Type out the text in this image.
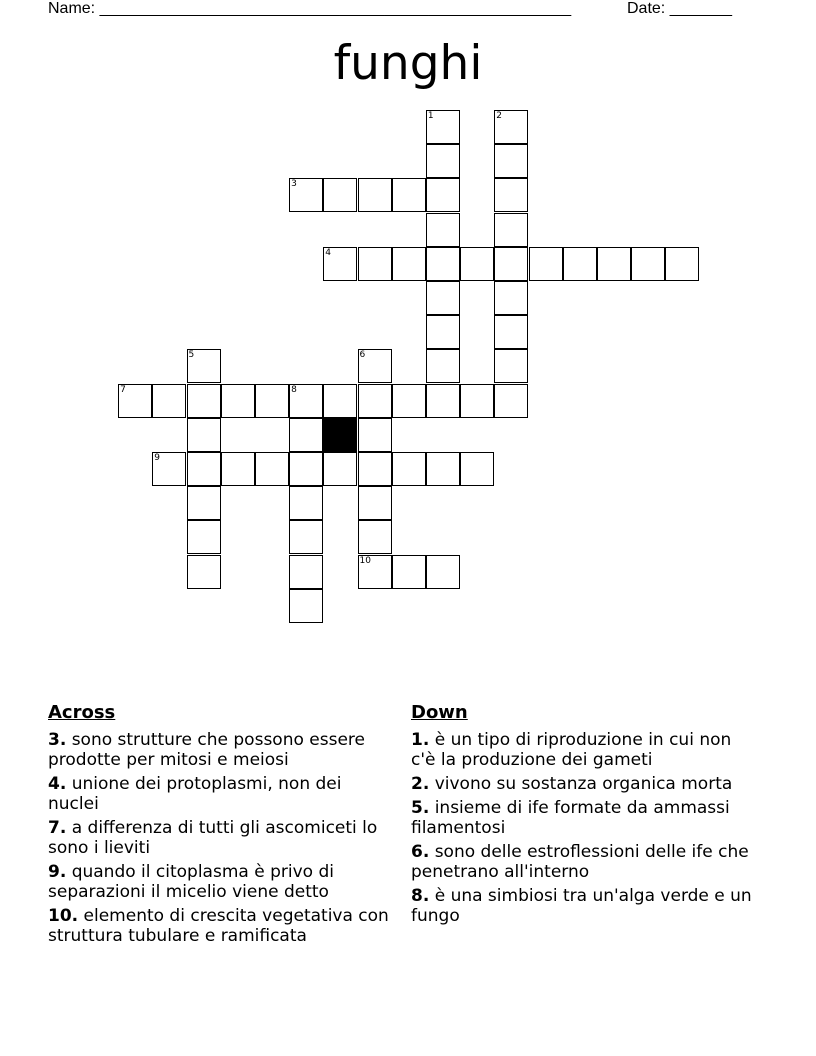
Name: _____________________________________________________	Date: _______
funghi
1	2
3
4
5	6
7	8
9
10
Across
3. sono strutture che possono essere prodotte per mitosi e meiosi
4. unione dei protoplasmi, non dei nuclei
7. a differenza di tutti gli ascomiceti lo sono i lieviti
9. quando il citoplasma è privo di separazioni il micelio viene detto
10. elemento di crescita vegetativa con struttura tubulare e ramificata
Down
1. è un tipo di riproduzione in cui non c'è la produzione dei gameti
2. vivono su sostanza organica morta
5. insieme di ife formate da ammassi filamentosi
6. sono delle estroflessioni delle ife che penetrano all'interno
8. è una simbiosi tra un'alga verde e un fungo
